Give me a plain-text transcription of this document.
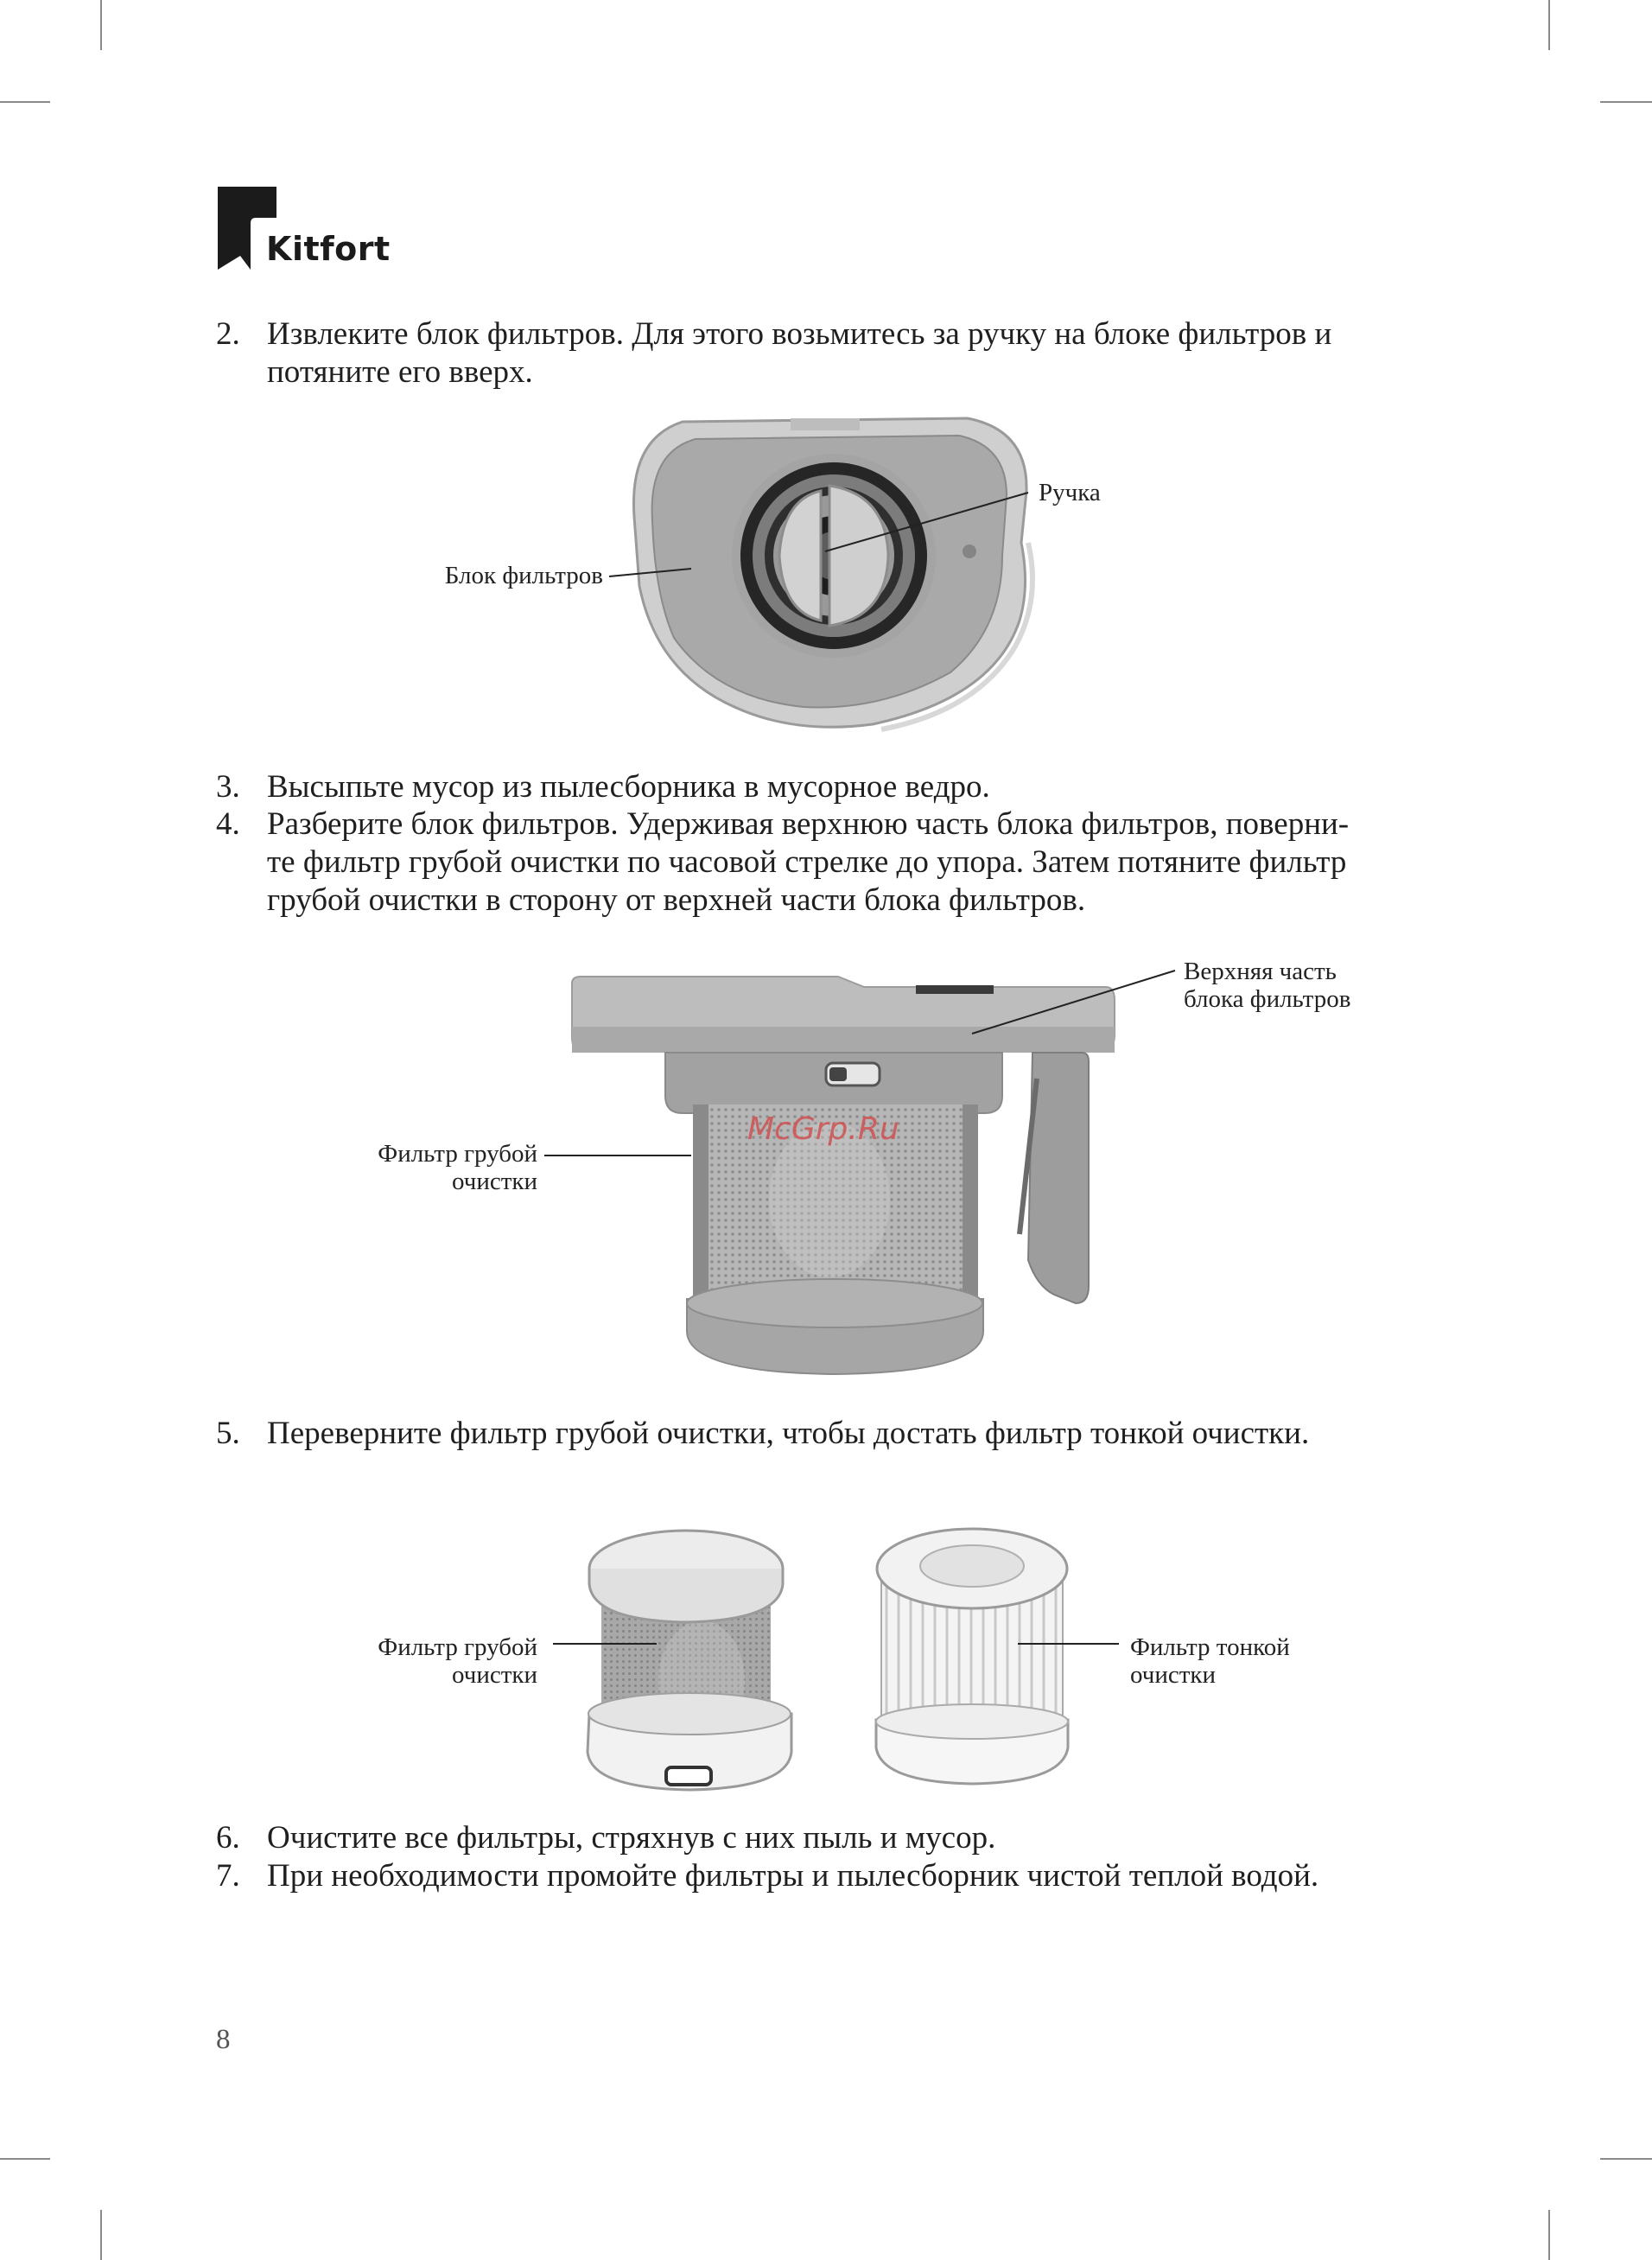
Kitfort
2. Извлеките блок фильтров. Для этого возьмитесь за ручку на блоке фильтров и
потяните его вверх.
Ручка
Блок фильтров
3. Высыпьте мусор из пылесборника в мусорное ведро.
4. Разберите блок фильтров. Удерживая верхнюю часть блока фильтров, поверни-
те фильтр грубой очистки по часовой стрелке до упора. Затем потяните фильтр
грубой очистки в сторону от верхней части блока фильтров.
McGrp.Ru
Верхняя часть
блока фильтров
Фильтр грубой
очистки
5. Переверните фильтр грубой очистки, чтобы достать фильтр тонкой очистки.
Фильтр грубой
очистки
Фильтр тонкой
очистки
6. Очистите все фильтры, стряхнув с них пыль и мусор.
7. При необходимости промойте фильтры и пылесборник чистой теплой водой.
8
